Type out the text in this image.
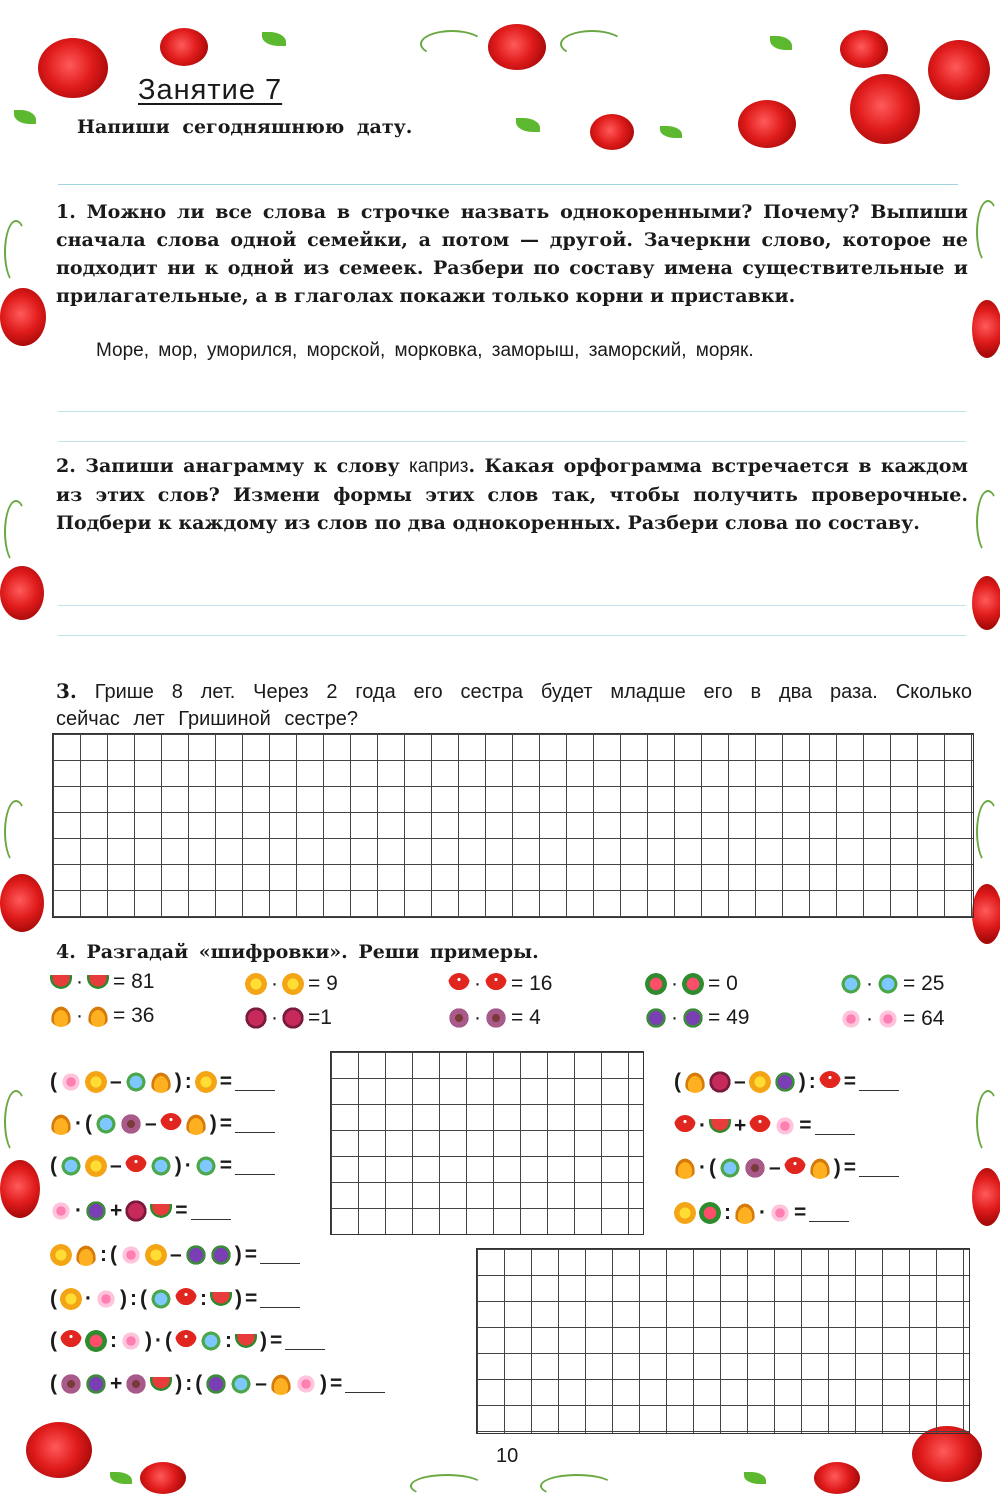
Занятие 7
Напиши сегодняшнюю дату.
1. Можно ли все слова в строчке назвать однокоренными? Почему? Выпиши сначала слова одной семейки, а потом — другой. Зачеркни слово, которое не подходит ни к одной из семеек. Разбери по составу имена существительные и прилагательные, а в глаголах покажи только корни и приставки.
Море, мор, уморился, морской, морковка, заморыш, заморский, моряк.
2. Запиши анаграмму к слову каприз. Какая орфограмма встречается в каждом из этих слов? Измени формы этих слов так, чтобы получить проверочные. Подбери к каждому из слов по два однокоренных. Разбери слова по составу.
3. Грише 8 лет. Через 2 года его сестра будет младше его в два раза. Сколько сейчас лет Гришиной сестре?
4. Разгадай «шифровки». Реши примеры.
· = 81	· = 9	· = 16	· = 0	· = 25
· = 36	· =1	· = 4	· = 49	· = 64
(	–	) : =
· (	–	) =
(	–	) · =
· +	=
: (	–	) =
( · ) : (	: ) =
(	: ) · (	: ) =
(	+	) : (	–	) =
(	–	) : =
· +	=
· (	–	) =
: · =
10
